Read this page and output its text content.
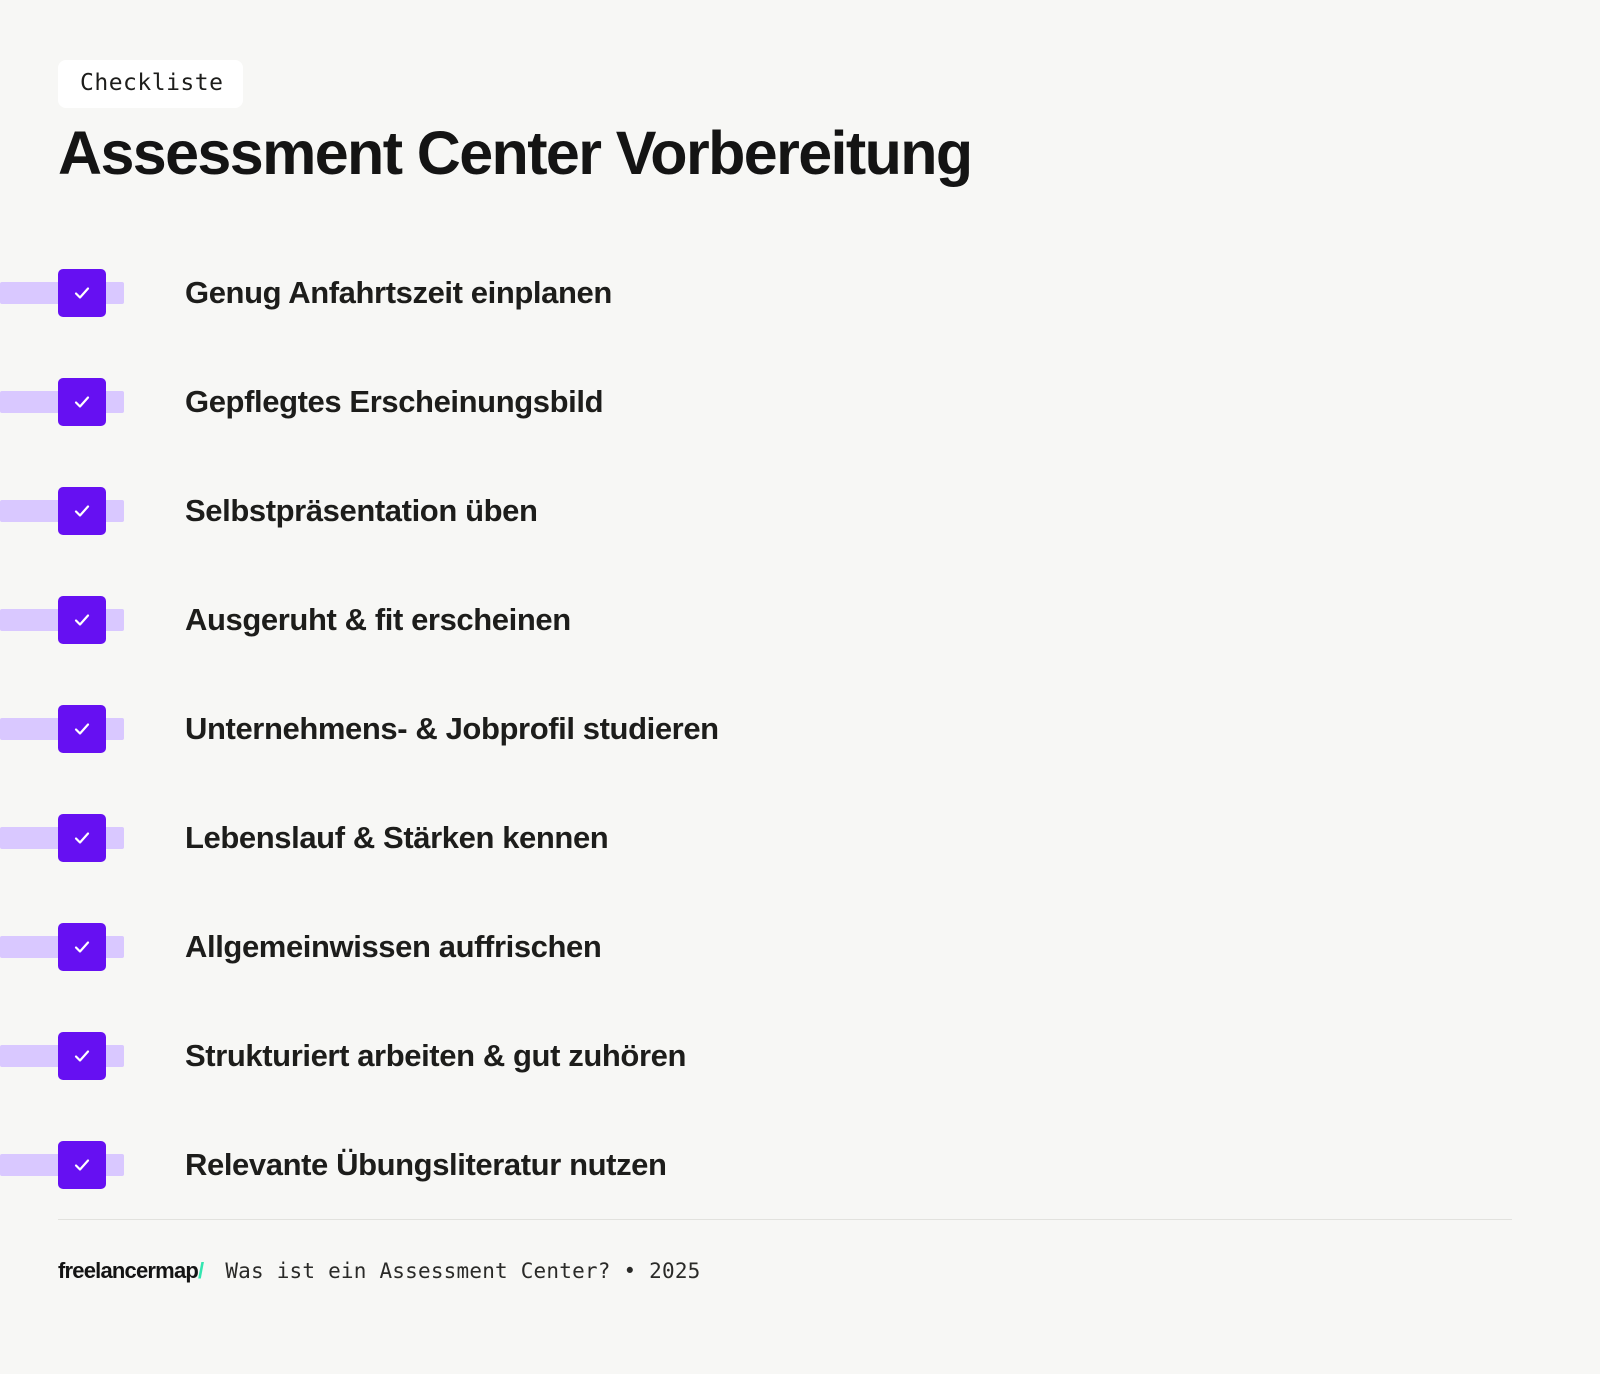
Checkliste
Assessment Center Vorbereitung
Genug Anfahrtszeit einplanen
Gepflegtes Erscheinungsbild
Selbstpräsentation üben
Ausgeruht & fit erscheinen
Unternehmens- & Jobprofil studieren
Lebenslauf & Stärken kennen
Allgemeinwissen auffrischen
Strukturiert arbeiten & gut zuhören
Relevante Übungsliteratur nutzen
freelancermap/ Was ist ein Assessment Center? • 2025
